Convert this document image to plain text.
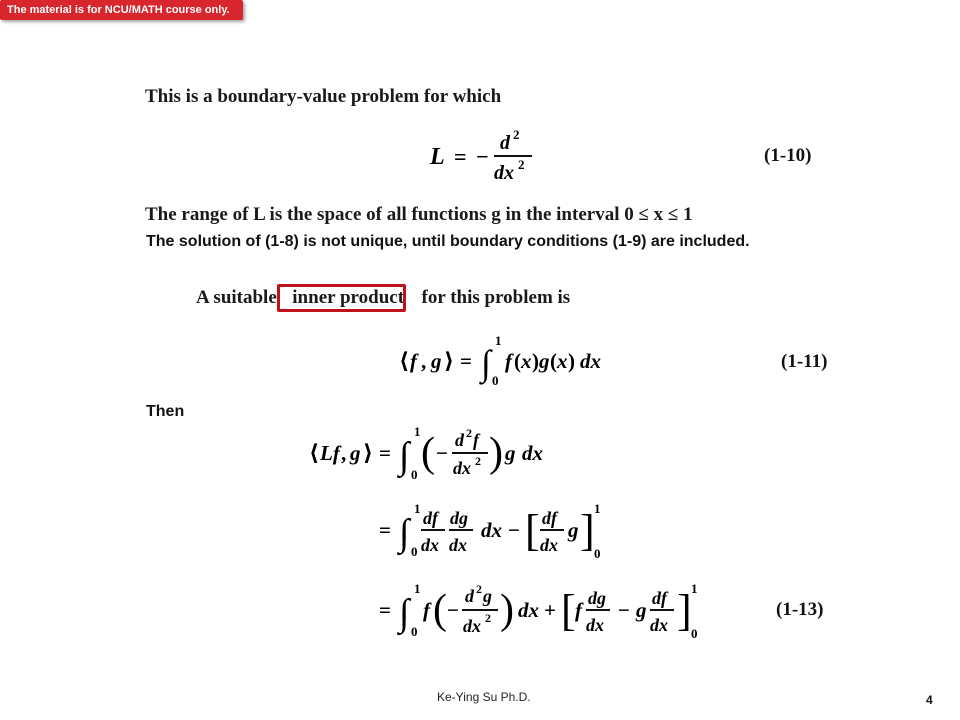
The material is for NCU/MATH course only.
This is a boundary-value problem for which
L = −
d 2
dx 2	(1-10)
The range of L is the space of all functions g in the interval 0 ≤ x ≤ 1
The solution of (1-8) is not unique, until boundary conditions (1-9) are included.
A suitable inner product for this problem is
⟨ f , g ⟩ = ∫
1
0
f ( x ) g ( x ) dx	(1-11)
Then
⟨ Lf , g ⟩ = ∫
1
0 ( −
d 2 f
dx 2 ) g dx
= ∫
1
0
df
dx
dg
dx
dx − [ df
dx
g ] 1
0
= ∫
1
0
f ( −
d 2 g
dx 2 ) dx + [ f dg
dx
− g df
dx ] 1
0
(1-13)
Ke-Ying Su Ph.D.	4
